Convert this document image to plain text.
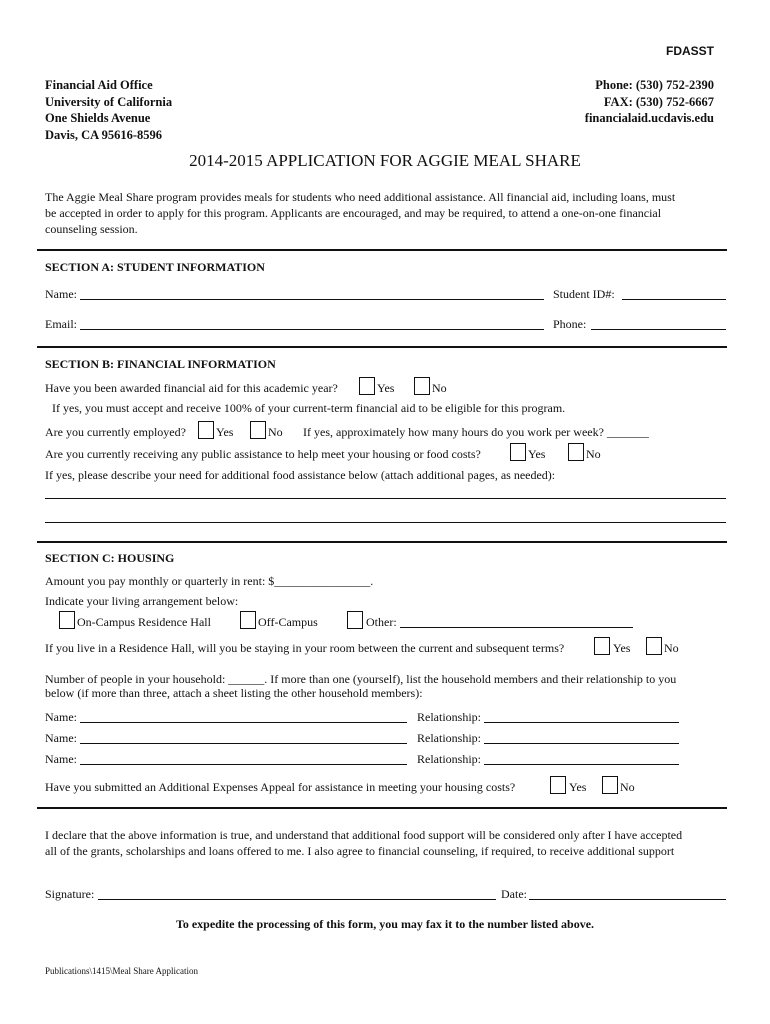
FDASST
Financial Aid Office
University of California
One Shields Avenue
Davis, CA 95616-8596
Phone: (530) 752-2390
FAX: (530) 752-6667
financialaid.ucdavis.edu
2014-2015 APPLICATION FOR AGGIE MEAL SHARE
The Aggie Meal Share program provides meals for students who need additional assistance. All financial aid, including loans, must
be accepted in order to apply for this program. Applicants are encouraged, and may be required, to attend a one-on-one financial
counseling session.
SECTION A: STUDENT INFORMATION
Name:	Student ID#:
Email:	Phone:
SECTION B: FINANCIAL INFORMATION
Have you been awarded financial aid for this academic year?	Yes	No
If yes, you must accept and receive 100% of your current-term financial aid to be eligible for this program.
Are you currently employed?	Yes	No If yes, approximately how many hours do you work per week? _______
Are you currently receiving any public assistance to help meet your housing or food costs?	Yes	No
If yes, please describe your need for additional food assistance below (attach additional pages, as needed):
SECTION C: HOUSING
Amount you pay monthly or quarterly in rent: $________________.
Indicate your living arrangement below:
On-Campus Residence Hall	Off-Campus	Other:
If you live in a Residence Hall, will you be staying in your room between the current and subsequent terms?	Yes	No
Number of people in your household: ______. If more than one (yourself), list the household members and their relationship to you
below (if more than three, attach a sheet listing the other household members):
Name:	Relationship:
Name:	Relationship:
Name:	Relationship:
Have you submitted an Additional Expenses Appeal for assistance in meeting your housing costs?	Yes	No
I declare that the above information is true, and understand that additional food support will be considered only after I have accepted
all of the grants, scholarships and loans offered to me. I also agree to financial counseling, if required, to receive additional support
Signature:	Date:
To expedite the processing of this form, you may fax it to the number listed above.
Publications\1415\Meal Share Application
